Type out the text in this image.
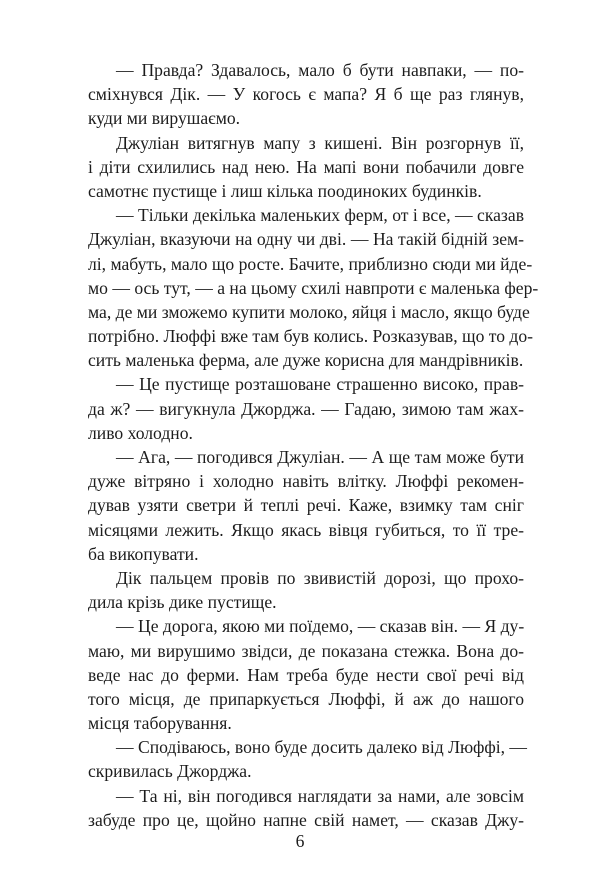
— Правда? Здавалось, мало б бути навпаки, — по-
сміхнувся Дік. — У когось є мапа? Я б ще раз глянув,
куди ми вирушаємо.

Джуліан витягнув мапу з кишені. Він розгорнув її,
і діти схилились над нею. На мапі вони побачили довге
самотнє пустище і лиш кілька поодиноких будинків.

— Тільки декілька маленьких ферм, от і все, — сказав
Джуліан, вказуючи на одну чи дві. — На такій бідній зем-
лі, мабуть, мало що росте. Бачите, приблизно сюди ми йде-
мо — ось тут, — а на цьому схилі навпроти є маленька фер-
ма, де ми зможемо купити молоко, яйця і масло, якщо буде
потрібно. Люффі вже там був колись. Розказував, що то до-
сить маленька ферма, але дуже корисна для мандрівників.

— Це пустище розташоване страшенно високо, прав-
да ж? — вигукнула Джорджа. — Гадаю, зимою там жах-
ливо холодно.

— Ага, — погодився Джуліан. — А ще там може бути
дуже вітряно і холодно навіть влітку. Люффі рекомен-
дував узяти светри й теплі речі. Каже, взимку там сніг
місяцями лежить. Якщо якась вівця губиться, то її тре-
ба викопувати.

Дік пальцем провів по звивистій дорозі, що прохо-
дила крізь дике пустище.

— Це дорога, якою ми поїдемо, — сказав він. — Я ду-
маю, ми вирушимо звідси, де показана стежка. Вона до-
веде нас до ферми. Нам треба буде нести свої речі від
того місця, де припаркується Люффі, й аж до нашого
місця таборування.

— Сподіваюсь, воно буде досить далеко від Люффі, —
скривилась Джорджа.

— Та ні, він погодився наглядати за нами, але зовсім
забуде про це, щойно напне свій намет, — сказав Джу-

6
